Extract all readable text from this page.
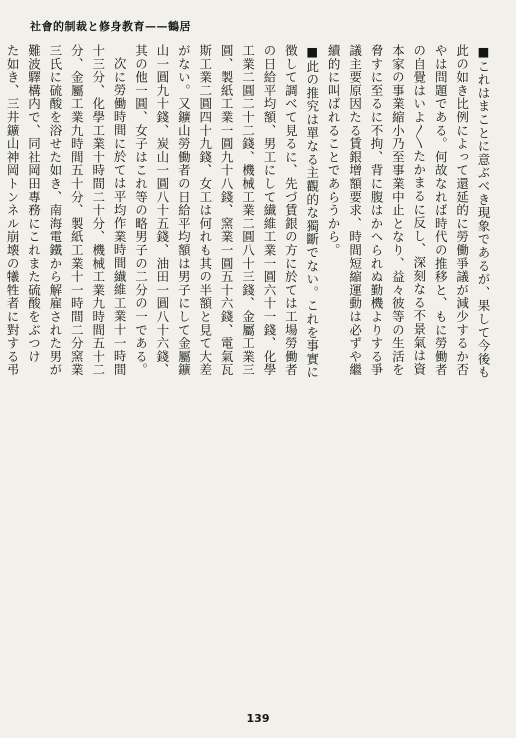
社會的制裁と修身教育——鶴居
■これはまことに意ぶべき現象であるが、果して今後も
此の如き比例によって還延的に勞働爭議が減少するか否
やは問題である。何故なれば時代の推移と、もに勞働者
の自覺はいよ〳〵たかまるに反し、深刻なる不景氣は資
本家の事業縮小乃至事業中止となり、益々彼等の生活を
脅すに至るに不拘、背に腹はかへられぬ勤機よりする爭
議主要原因たる賃銀增額要求、時間短縮運動は必ずや繼
續的に叫ばれることであらうから。
■此の推究は單なる主觀的な獨斷でない。これを事實に
徴して調べて見るに、先づ賃銀の方に於ては工場勞働者
の日給平均額、男工にして纎維工業一圓六十一錢、化學
工業二圓二十二錢、機械工業二圓八十三錢、金屬工業三
圓、製紙工業一圓九十八錢、窯業一圓五十六錢、電氣瓦
斯工業二圓四十九錢、女工は何れも其の半額と見て大差
がない。又鑛山勞働者の日給平均額は男子にして金屬鑛
山一圓九十錢、炭山一圓八十五錢、油田一圓八十六錢、
其の他一圓、女子はこれ等の略男子の二分の一である。
次に勞働時間に於ては平均作業時間纎維工業十一時間
十三分、化學工業十時間二十分、機械工業九時間五十二
分、金屬工業九時間五十分、製紙工業十一時間二分窯業
三氏に硫酸を浴せた如き、南海電鐵から解雇された男が
難波驛構内で、同社岡田專務にこれまた硫酸をぶつけ
た如き、三井鑛山神岡トンネル崩壊の犧牲者に對する弔
139
